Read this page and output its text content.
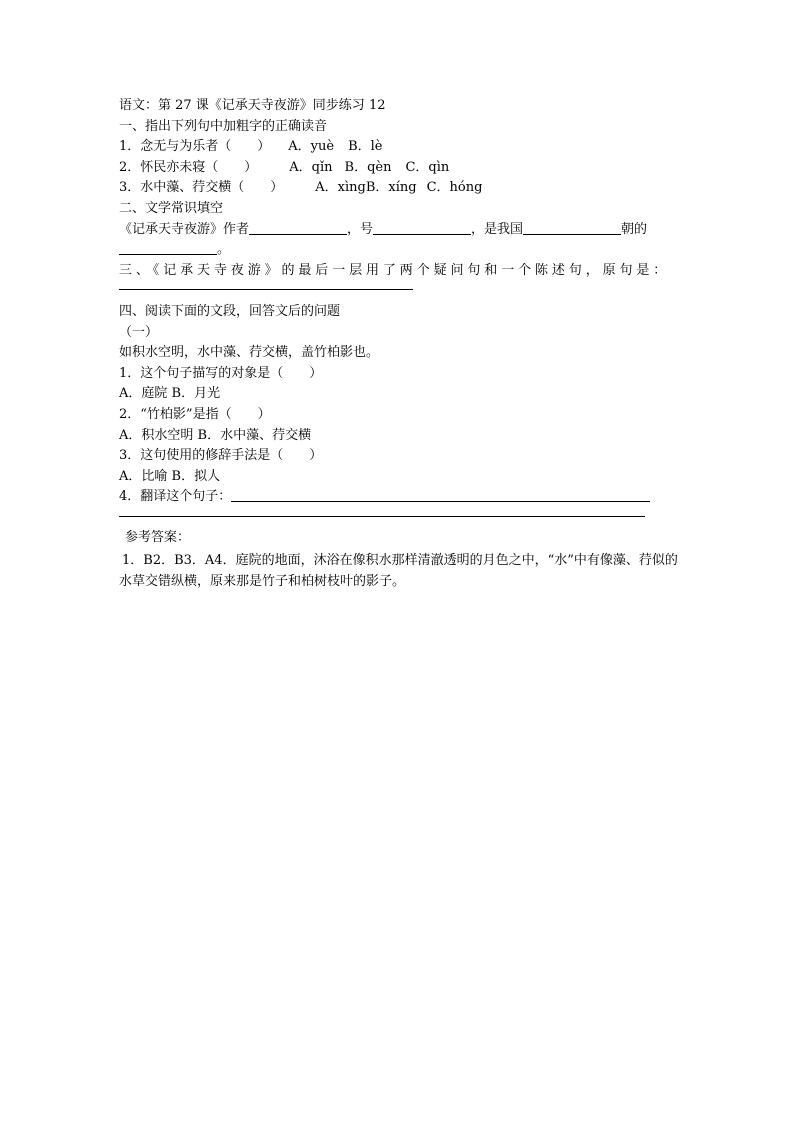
语文：第 27 课《记承天寺夜游》同步练习 12
一、指出下列句中加粗字的正确读音
1．念无与为乐者（　　） A．yuè B．lè
2．怀民亦未寝（　　） A．qǐn B．qèn C．qìn
3．水中藻、荇交横（　　） A．xìngB．xíng C．hóng
二、文学常识填空
《记承天寺夜游》作者	，号	，是我国	朝的
。
三、《记承天寺夜游》的最后一层用了两个疑问句和一个陈述句，原句是：
四、阅读下面的文段，回答文后的问题
（一）
如积水空明，水中藻、荇交横，盖竹柏影也。
1．这个句子描写的对象是（　　）
A．庭院 B．月光
2．“竹柏影”是指（　　）
A．积水空明 B．水中藻、荇交横
3．这句使用的修辞手法是（　　）
A．比喻 B．拟人
4．翻译这个句子：
参考答案：
1．B2．B3．A4．庭院的地面，沐浴在像积水那样清澈透明的月色之中，“水”中有像藻、荇似的水草交错纵横，原来那是竹子和柏树枝叶的影子。
